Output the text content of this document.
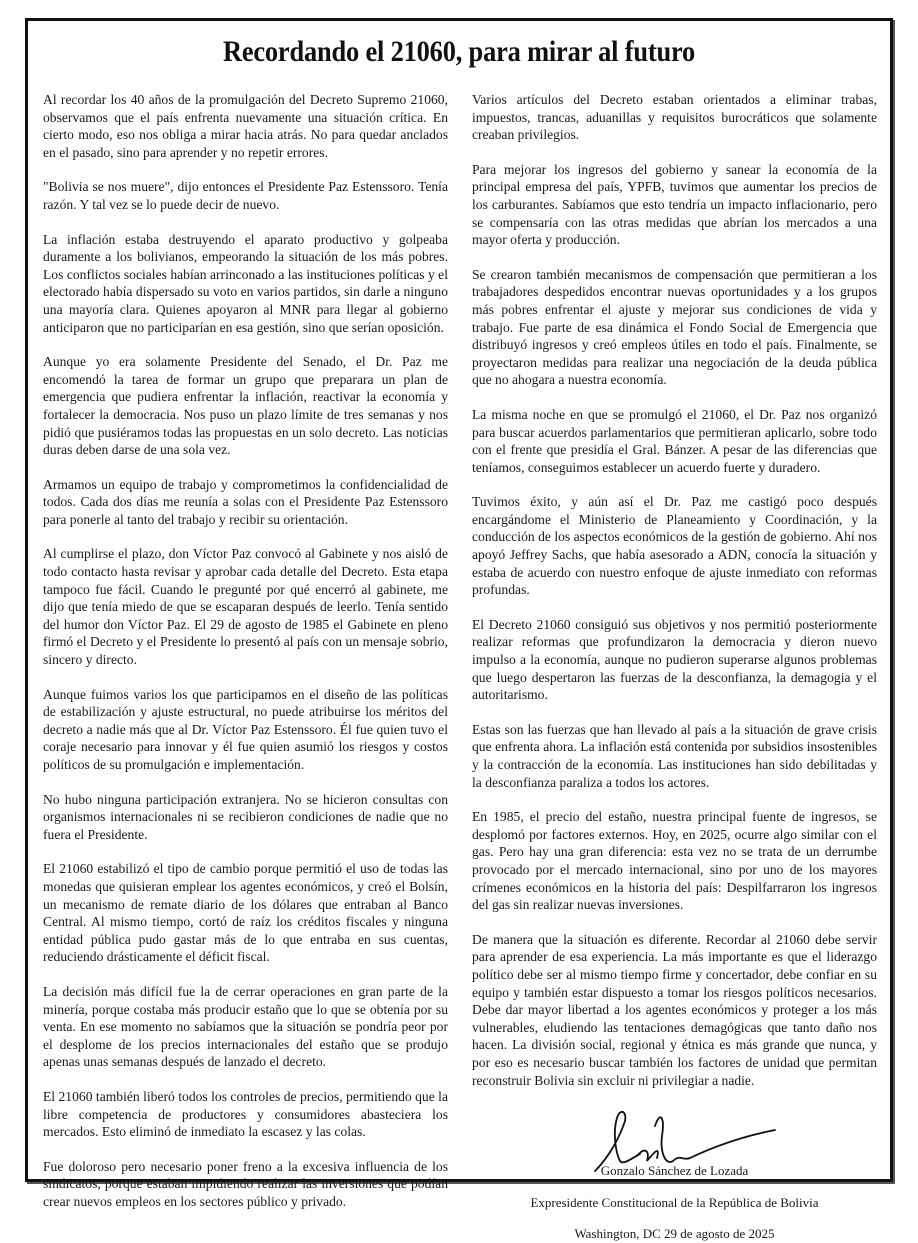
Recordando el 21060, para mirar al futuro

Al recordar los 40 años de la promulgación del Decreto Supremo 21060, observamos que el país enfrenta nuevamente una situación crítica. En cierto modo, eso nos obliga a mirar hacia atrás. No para quedar anclados en el pasado, sino para aprender y no repetir errores.

"Bolivia se nos muere", dijo entonces el Presidente Paz Estenssoro. Tenía razón. Y tal vez se lo puede decir de nuevo.

La inflación estaba destruyendo el aparato productivo y golpeaba duramente a los bolivianos, empeorando la situación de los más pobres. Los conflictos sociales habían arrinconado a las instituciones políticas y el electorado había dispersado su voto en varios partidos, sin darle a ninguno una mayoría clara. Quienes apoyaron al MNR para llegar al gobierno anticiparon que no participarían en esa gestión, sino que serían oposición.

Aunque yo era solamente Presidente del Senado, el Dr. Paz me encomendó la tarea de formar un grupo que preparara un plan de emergencia que pudiera enfrentar la inflación, reactivar la economía y fortalecer la democracia. Nos puso un plazo límite de tres semanas y nos pidió que pusiéramos todas las propuestas en un solo decreto. Las noticias duras deben darse de una sola vez.

Armamos un equipo de trabajo y comprometimos la confidencialidad de todos. Cada dos días me reunía a solas con el Presidente Paz Estenssoro para ponerle al tanto del trabajo y recibir su orientación.

Al cumplirse el plazo, don Víctor Paz convocó al Gabinete y nos aisló de todo contacto hasta revisar y aprobar cada detalle del Decreto. Esta etapa tampoco fue fácil. Cuando le pregunté por qué encerró al gabinete, me dijo que tenía miedo de que se escaparan después de leerlo. Tenía sentido del humor don Víctor Paz. El 29 de agosto de 1985 el Gabinete en pleno firmó el Decreto y el Presidente lo presentó al país con un mensaje sobrio, sincero y directo.

Aunque fuimos varios los que participamos en el diseño de las políticas de estabilización y ajuste estructural, no puede atribuirse los méritos del decreto a nadie más que al Dr. Víctor Paz Estenssoro. Él fue quien tuvo el coraje necesario para innovar y él fue quien asumió los riesgos y costos políticos de su promulgación e implementación.

No hubo ninguna participación extranjera. No se hicieron consultas con organismos internacionales ni se recibieron condiciones de nadie que no fuera el Presidente.

El 21060 estabilizó el tipo de cambio porque permitió el uso de todas las monedas que quisieran emplear los agentes económicos, y creó el Bolsín, un mecanismo de remate diario de los dólares que entraban al Banco Central. Al mismo tiempo, cortó de raíz los créditos fiscales y ninguna entidad pública pudo gastar más de lo que entraba en sus cuentas, reduciendo drásticamente el déficit fiscal.

La decisión más difícil fue la de cerrar operaciones en gran parte de la minería, porque costaba más producir estaño que lo que se obtenía por su venta. En ese momento no sabíamos que la situación se pondría peor por el desplome de los precios internacionales del estaño que se produjo apenas unas semanas después de lanzado el decreto.

El 21060 también liberó todos los controles de precios, permitiendo que la libre competencia de productores y consumidores abasteciera los mercados. Esto eliminó de inmediato la escasez y las colas.

Fue doloroso pero necesario poner freno a la excesiva influencia de los sindicatos, porque estaban impidiendo realizar las inversiones que podían crear nuevos empleos en los sectores público y privado.

Varios artículos del Decreto estaban orientados a eliminar trabas, impuestos, trancas, aduanillas y requisitos burocráticos que solamente creaban privilegios.

Para mejorar los ingresos del gobierno y sanear la economía de la principal empresa del país, YPFB, tuvimos que aumentar los precios de los carburantes. Sabíamos que esto tendría un impacto inflacionario, pero se compensaría con las otras medidas que abrían los mercados a una mayor oferta y producción.

Se crearon también mecanismos de compensación que permitieran a los trabajadores despedidos encontrar nuevas oportunidades y a los grupos más pobres enfrentar el ajuste y mejorar sus condiciones de vida y trabajo. Fue parte de esa dinámica el Fondo Social de Emergencia que distribuyó ingresos y creó empleos útiles en todo el país. Finalmente, se proyectaron medidas para realizar una negociación de la deuda pública que no ahogara a nuestra economía.

La misma noche en que se promulgó el 21060, el Dr. Paz nos organizó para buscar acuerdos parlamentarios que permitieran aplicarlo, sobre todo con el frente que presidía el Gral. Bánzer. A pesar de las diferencias que teníamos, conseguimos establecer un acuerdo fuerte y duradero.

Tuvimos éxito, y aún así el Dr. Paz me castigó poco después encargándome el Ministerio de Planeamiento y Coordinación, y la conducción de los aspectos económicos de la gestión de gobierno. Ahí nos apoyó Jeffrey Sachs, que había asesorado a ADN, conocía la situación y estaba de acuerdo con nuestro enfoque de ajuste inmediato con reformas profundas.

El Decreto 21060 consiguió sus objetivos y nos permitió posteriormente realizar reformas que profundizaron la democracia y dieron nuevo impulso a la economía, aunque no pudieron superarse algunos problemas que luego despertaron las fuerzas de la desconfianza, la demagogia y el autoritarismo.

Estas son las fuerzas que han llevado al país a la situación de grave crisis que enfrenta ahora. La inflación está contenida por subsidios insostenibles y la contracción de la economía. Las instituciones han sido debilitadas y la desconfianza paraliza a todos los actores.

En 1985, el precio del estaño, nuestra principal fuente de ingresos, se desplomó por factores externos. Hoy, en 2025, ocurre algo similar con el gas. Pero hay una gran diferencia: esta vez no se trata de un derrumbe provocado por el mercado internacional, sino por uno de los mayores crímenes económicos en la historia del país: Despilfarraron los ingresos del gas sin realizar nuevas inversiones.

De manera que la situación es diferente. Recordar al 21060 debe servir para aprender de esa experiencia. La más importante es que el liderazgo político debe ser al mismo tiempo firme y concertador, debe confiar en su equipo y también estar dispuesto a tomar los riesgos políticos necesarios. Debe dar mayor libertad a los agentes económicos y proteger a los más vulnerables, eludiendo las tentaciones demagógicas que tanto daño nos hacen. La división social, regional y étnica es más grande que nunca, y por eso es necesario buscar también los factores de unidad que permitan reconstruir Bolivia sin excluir ni privilegiar a nadie.

Gonzalo Sánchez de Lozada
Expresidente Constitucional de la República de Bolivia
Washington, DC 29 de agosto de 2025
